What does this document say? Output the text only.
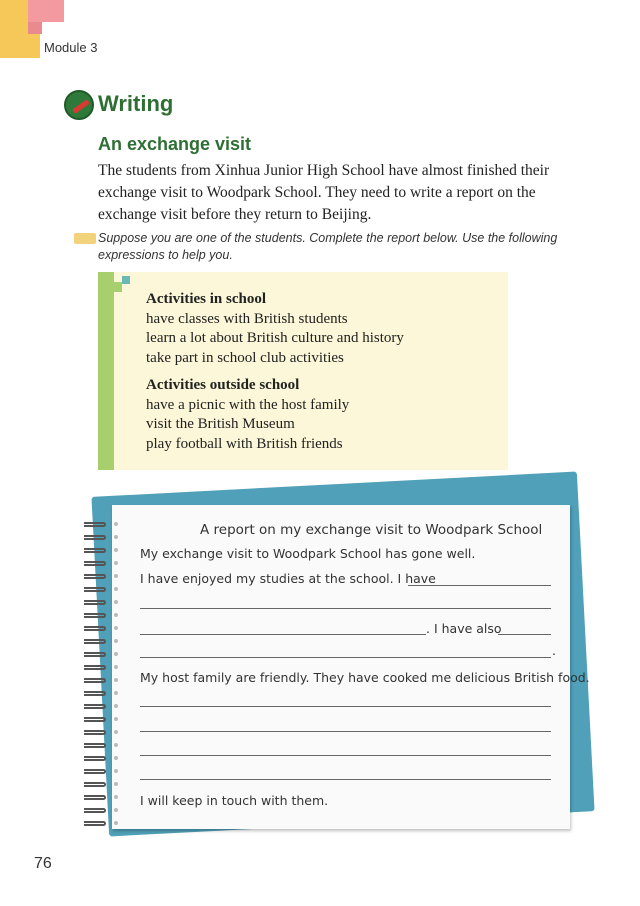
Module 3
Writing
An exchange visit
The students from Xinhua Junior High School have almost finished their exchange visit to Woodpark School. They need to write a report on the exchange visit before they return to Beijing.
Suppose you are one of the students. Complete the report below. Use the following expressions to help you.
Activities in school
have classes with British students
learn a lot about British culture and history
take part in school club activities
Activities outside school
have a picnic with the host family
visit the British Museum
play football with British friends
A report on my exchange visit to Woodpark School
My exchange visit to Woodpark School has gone well.
I have enjoyed my studies at the school. I have
. I have also
.
My host family are friendly. They have cooked me delicious British food.
I will keep in touch with them.
76
